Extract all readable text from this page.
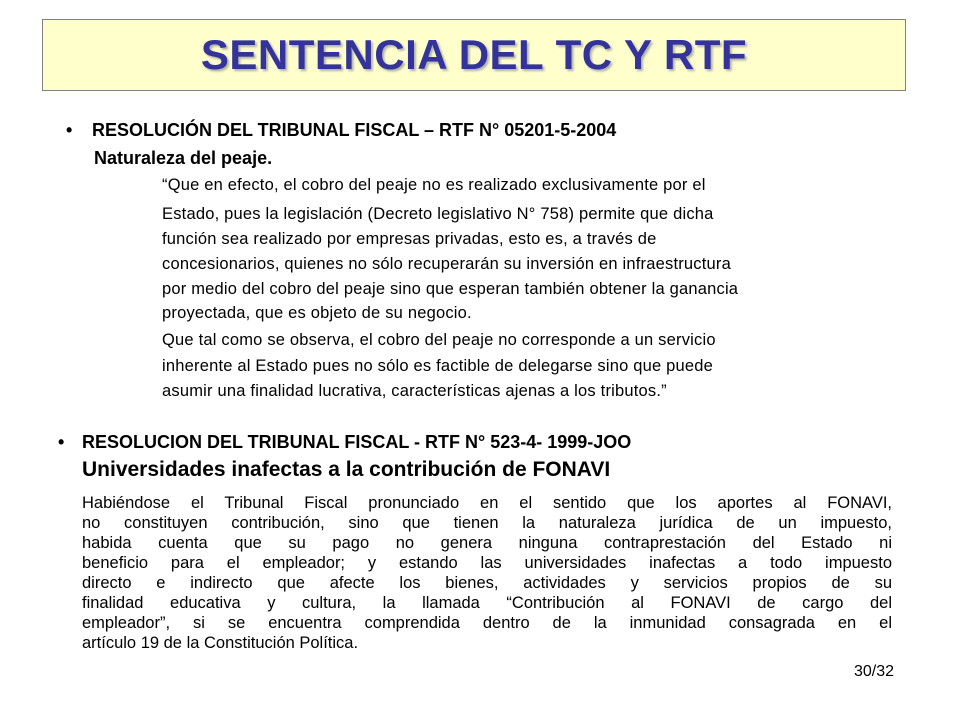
SENTENCIA DEL TC Y RTF
• RESOLUCIÓN DEL TRIBUNAL FISCAL – RTF N° 05201-5-2004
Naturaleza del peaje.
“Que en efecto, el cobro del peaje no es realizado exclusivamente por el
Estado, pues la legislación (Decreto legislativo N° 758) permite que dicha
función sea realizado por empresas privadas, esto es, a través de
concesionarios, quienes no sólo recuperarán su inversión en infraestructura
por medio del cobro del peaje sino que esperan también obtener la ganancia
proyectada, que es objeto de su negocio.
Que tal como se observa, el cobro del peaje no corresponde a un servicio
inherente al Estado pues no sólo es factible de delegarse sino que puede
asumir una finalidad lucrativa, características ajenas a los tributos.”
• RESOLUCION DEL TRIBUNAL FISCAL - RTF N° 523-4- 1999-JOO
Universidades inafectas a la contribución de FONAVI
Habiéndose el Tribunal Fiscal pronunciado en el sentido que los aportes al FONAVI,
no constituyen contribución, sino que tienen la naturaleza jurídica de un impuesto,
habida cuenta que su pago no genera ninguna contraprestación del Estado ni
beneficio para el empleador; y estando las universidades inafectas a todo impuesto
directo e indirecto que afecte los bienes, actividades y servicios propios de su
finalidad educativa y cultura, la llamada “Contribución al FONAVI de cargo del
empleador”, si se encuentra comprendida dentro de la inmunidad consagrada en el
artículo 19 de la Constitución Política.
30/32
